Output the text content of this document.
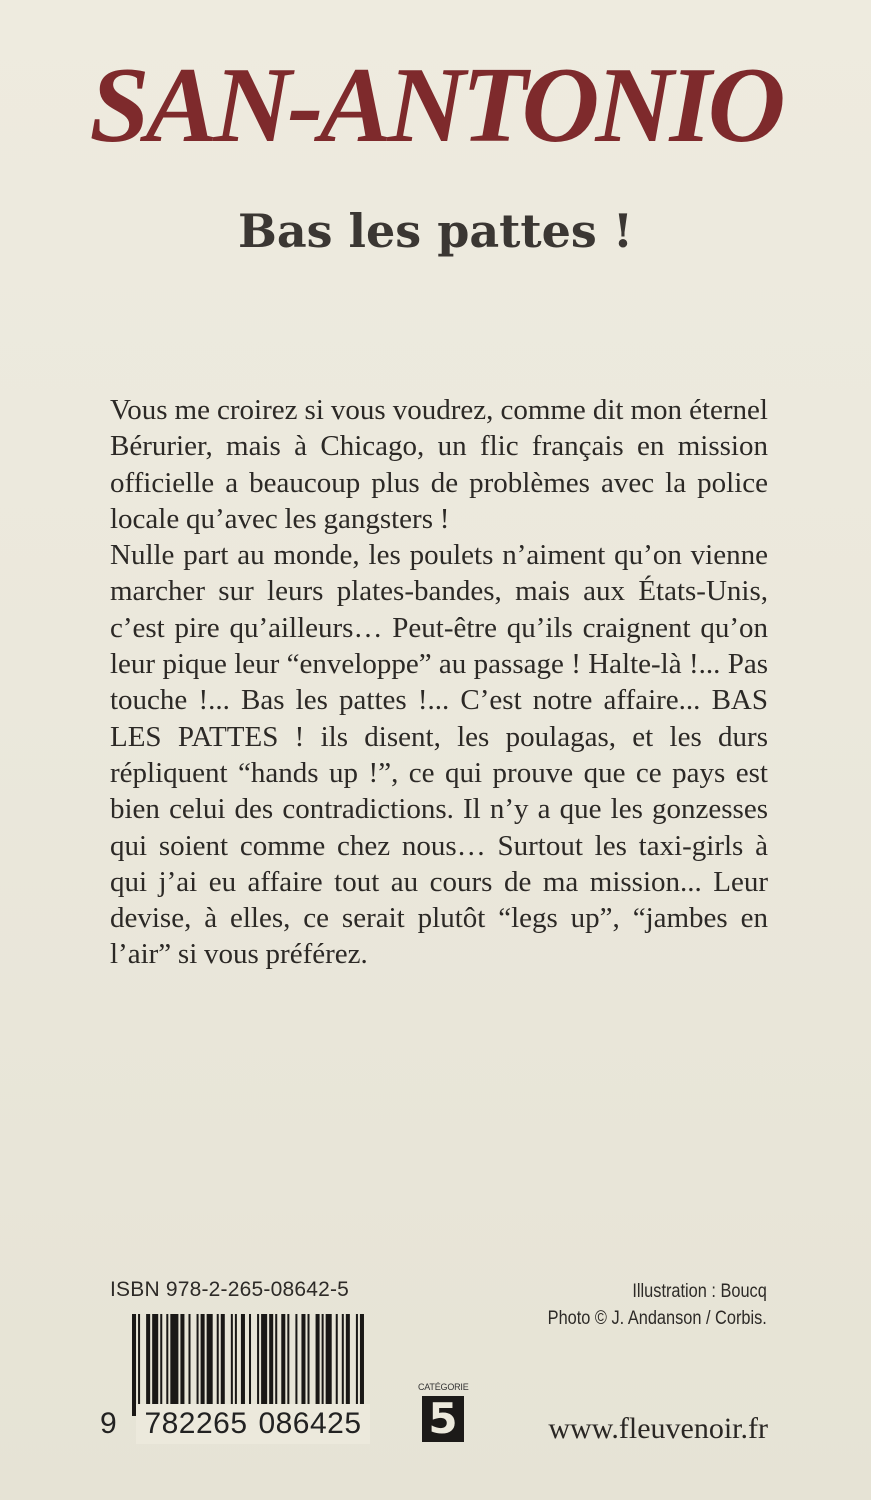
SAN-ANTONIO
Bas les pattes !

Vous me croirez si vous voudrez, comme dit mon éternel Bérurier, mais à Chicago, un flic français en mission officielle a beaucoup plus de problèmes avec la police locale qu’avec les gangsters !
Nulle part au monde, les poulets n’aiment qu’on vienne marcher sur leurs plates-bandes, mais aux États-Unis, c’est pire qu’ailleurs… Peut-être qu’ils craignent qu’on leur pique leur “enveloppe” au passage ! Halte-là !... Pas touche !... Bas les pattes !... C’est notre affaire... BAS LES PATTES ! ils disent, les poulagas, et les durs répliquent “hands up !”, ce qui prouve que ce pays est bien celui des contradictions. Il n’y a que les gonzesses qui soient comme chez nous… Surtout les taxi-girls à qui j’ai eu affaire tout au cours de ma mission... Leur devise, à elles, ce serait plutôt “legs up”, “jambes en l’air” si vous préférez.

ISBN 978-2-265-08642-5
9 782265 086425
Illustration : Boucq
Photo © J. Andanson / Corbis.
CATÉGORIE
5	www.fleuvenoir.fr
